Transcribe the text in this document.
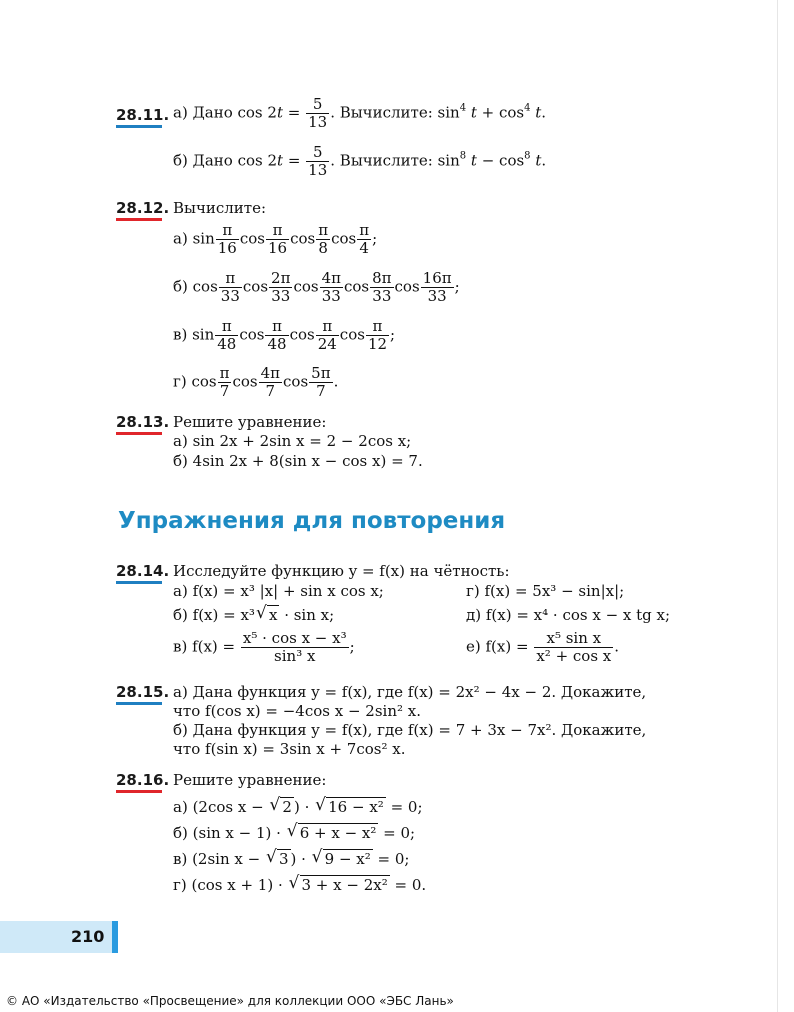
28.11. а) Дано $\cos 2t = \frac{5}{13}$ . Вычислите: $\sin^4 t + \cos^4 t$.
б) Дано $\cos 2t = \frac{5}{13}$ . Вычислите: $\sin^8 t - \cos^8 t$.
28.12. Вычислите:
а) $\sin \frac{\pi}{16}$ $\cos \frac{\pi}{16}$ $\cos \frac{\pi}{8}$ $\cos \frac{\pi}{4}$ ;
б) $\cos \frac{\pi}{33}$ $\cos \frac{2\pi}{33}$ $\cos \frac{4\pi}{33}$ $\cos \frac{8\pi}{33}$ $\cos \frac{16\pi}{33}$ ;
в) $\sin \frac{\pi}{48}$ $\cos \frac{\pi}{48}$ $\cos \frac{\pi}{24}$ $\cos \frac{\pi}{12}$ ;
г) $\cos \frac{\pi}{7}$ $\cos \frac{4\pi}{7}$ $\cos \frac{5\pi}{7}$ .
28.13. Решите уравнение:
а) sin 2x + 2sin x = 2 − 2cos x;
б) 4sin 2x + 8(sin x − cos x) = 7.
Упражнения для повторения
28.14. Исследуйте функцию y = f(x) на чётность:
а) f(x) = x³ |x| + sin x cos x;	г) f(x) = 5x³ − sin|x|;
б) f(x) = x³√ x · sin x;	д) f(x) = x⁴ · cos x − x tg x;
в) $f(x) = \frac{\text{x⁵ · cos x − x³}}{\text{sin³ x}}$ ;	е) $f(x) = \frac{\text{x⁵ sin x}}{\text{x² + cos x}}$ .
28.15. а) Дана функция y = f(x), где f(x) = 2x² − 4x − 2. Докажите,
что f(cos x) = −4cos x − 2sin² x.
б) Дана функция y = f(x), где f(x) = 7 + 3x − 7x². Докажите,
что f(sin x) = 3sin x + 7cos² x.
28.16. Решите уравнение:
а) (2cos x − √ 2 ) · √ 16 − x² = 0;
б) (sin x − 1) · √ 6 + x − x² = 0;
в) (2sin x − √ 3 ) · √ 9 − x² = 0;
г) (cos x + 1) · √ 3 + x − 2x² = 0.
210
© АО «Издательство «Просвещение» для коллекции ООО «ЭБС Лань»
